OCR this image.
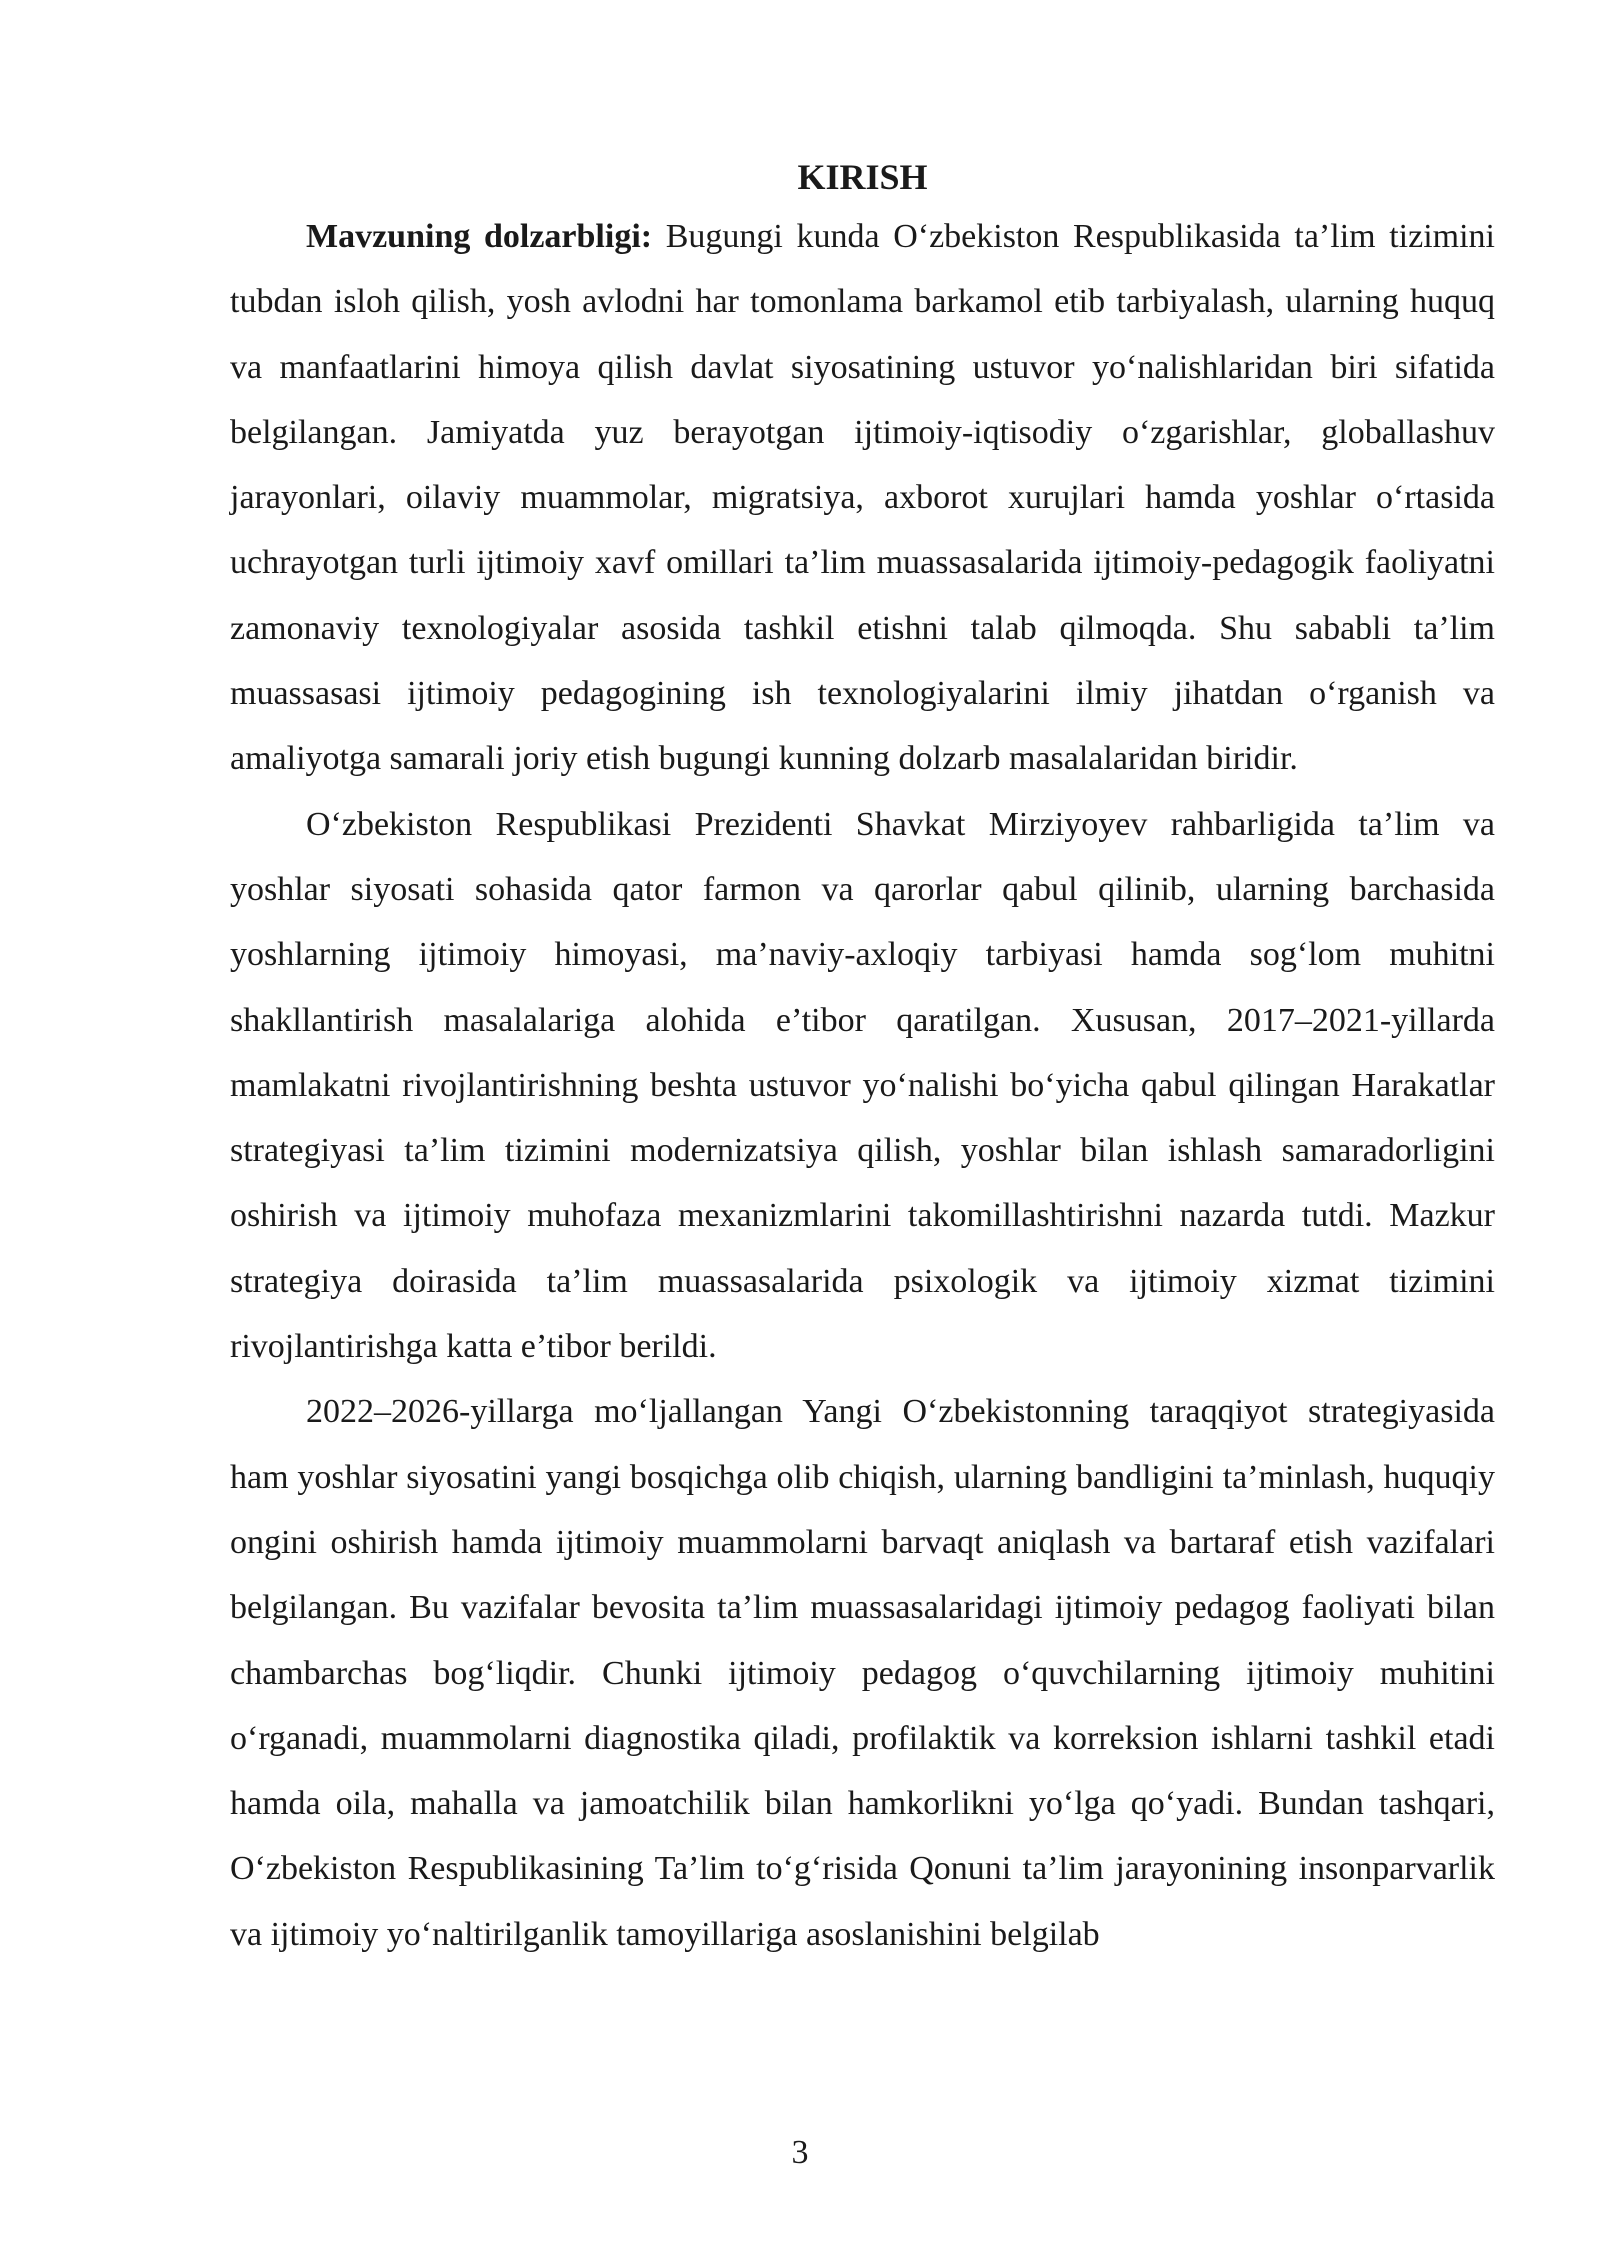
KIRISH

Mavzuning dolzarbligi: Bugungi kunda O‘zbekiston Respublikasida ta’lim tizimini tubdan isloh qilish, yosh avlodni har tomonlama barkamol etib tarbiyalash, ularning huquq va manfaatlarini himoya qilish davlat siyosatining ustuvor yo‘nalishlaridan biri sifatida belgilangan. Jamiyatda yuz berayotgan ijtimoiy-iqtisodiy o‘zgarishlar, globallashuv jarayonlari, oilaviy muammolar, migratsiya, axborot xurujlari hamda yoshlar o‘rtasida uchrayotgan turli ijtimoiy xavf omillari ta’lim muassasalarida ijtimoiy-pedagogik faoliyatni zamonaviy texnologiyalar asosida tashkil etishni talab qilmoqda. Shu sababli ta’lim muassasasi ijtimoiy pedagogining ish texnologiyalarini ilmiy jihatdan o‘rganish va amaliyotga samarali joriy etish bugungi kunning dolzarb masalalaridan biridir.

O‘zbekiston Respublikasi Prezidenti Shavkat Mirziyoyev rahbarligida ta’lim va yoshlar siyosati sohasida qator farmon va qarorlar qabul qilinib, ularning barchasida yoshlarning ijtimoiy himoyasi, ma’naviy-axloqiy tarbiyasi hamda sog‘lom muhitni shakllantirish masalalariga alohida e’tibor qaratilgan. Xususan, 2017–2021-yillarda mamlakatni rivojlantirishning beshta ustuvor yo‘nalishi bo‘yicha qabul qilingan Harakatlar strategiyasi ta’lim tizimini modernizatsiya qilish, yoshlar bilan ishlash samaradorligini oshirish va ijtimoiy muhofaza mexanizmlarini takomillashtirishni nazarda tutdi. Mazkur strategiya doirasida ta’lim muassasalarida psixologik va ijtimoiy xizmat tizimini rivojlantirishga katta e’tibor berildi.

2022–2026-yillarga mo‘ljallangan Yangi O‘zbekistonning taraqqiyot strategiyasida ham yoshlar siyosatini yangi bosqichga olib chiqish, ularning bandligini ta’minlash, huquqiy ongini oshirish hamda ijtimoiy muammolarni barvaqt aniqlash va bartaraf etish vazifalari belgilangan. Bu vazifalar bevosita ta’lim muassasalaridagi ijtimoiy pedagog faoliyati bilan chambarchas bog‘liqdir. Chunki ijtimoiy pedagog o‘quvchilarning ijtimoiy muhitini o‘rganadi, muammolarni diagnostika qiladi, profilaktik va korreksion ishlarni tashkil etadi hamda oila, mahalla va jamoatchilik bilan hamkorlikni yo‘lga qo‘yadi. Bundan tashqari, O‘zbekiston Respublikasining Ta’lim to‘g‘risida Qonuni ta’lim jarayonining insonparvarlik va ijtimoiy yo‘naltirilganlik tamoyillariga asoslanishini belgilab

3
